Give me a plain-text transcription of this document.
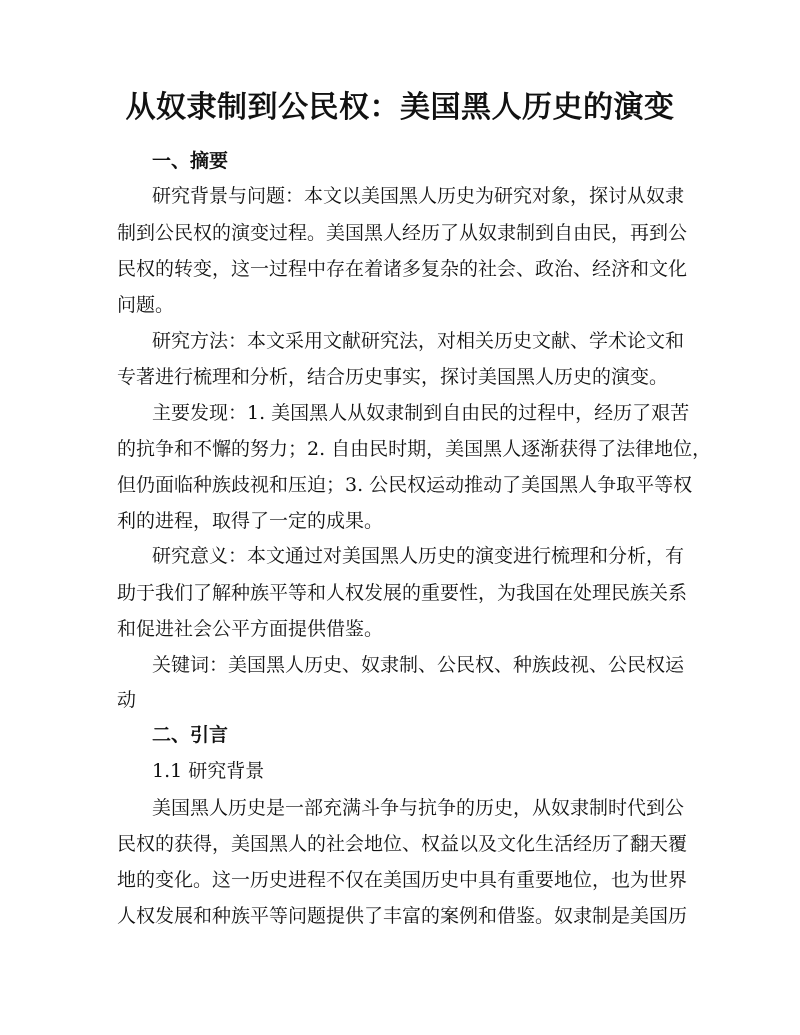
从奴隶制到公民权：美国黑人历史的演变
一、摘要
研究背景与问题：本文以美国黑人历史为研究对象，探讨从奴隶
制到公民权的演变过程。美国黑人经历了从奴隶制到自由民，再到公
民权的转变，这一过程中存在着诸多复杂的社会、政治、经济和文化
问题。
研究方法：本文采用文献研究法，对相关历史文献、学术论文和
专著进行梳理和分析，结合历史事实，探讨美国黑人历史的演变。
主要发现：1. 美国黑人从奴隶制到自由民的过程中，经历了艰苦
的抗争和不懈的努力；2. 自由民时期，美国黑人逐渐获得了法律地位，
但仍面临种族歧视和压迫；3. 公民权运动推动了美国黑人争取平等权
利的进程，取得了一定的成果。
研究意义：本文通过对美国黑人历史的演变进行梳理和分析，有
助于我们了解种族平等和人权发展的重要性，为我国在处理民族关系
和促进社会公平方面提供借鉴。
关键词：美国黑人历史、奴隶制、公民权、种族歧视、公民权运
动
二、引言
1.1 研究背景
美国黑人历史是一部充满斗争与抗争的历史，从奴隶制时代到公
民权的获得，美国黑人的社会地位、权益以及文化生活经历了翻天覆
地的变化。这一历史进程不仅在美国历史中具有重要地位，也为世界
人权发展和种族平等问题提供了丰富的案例和借鉴。奴隶制是美国历
